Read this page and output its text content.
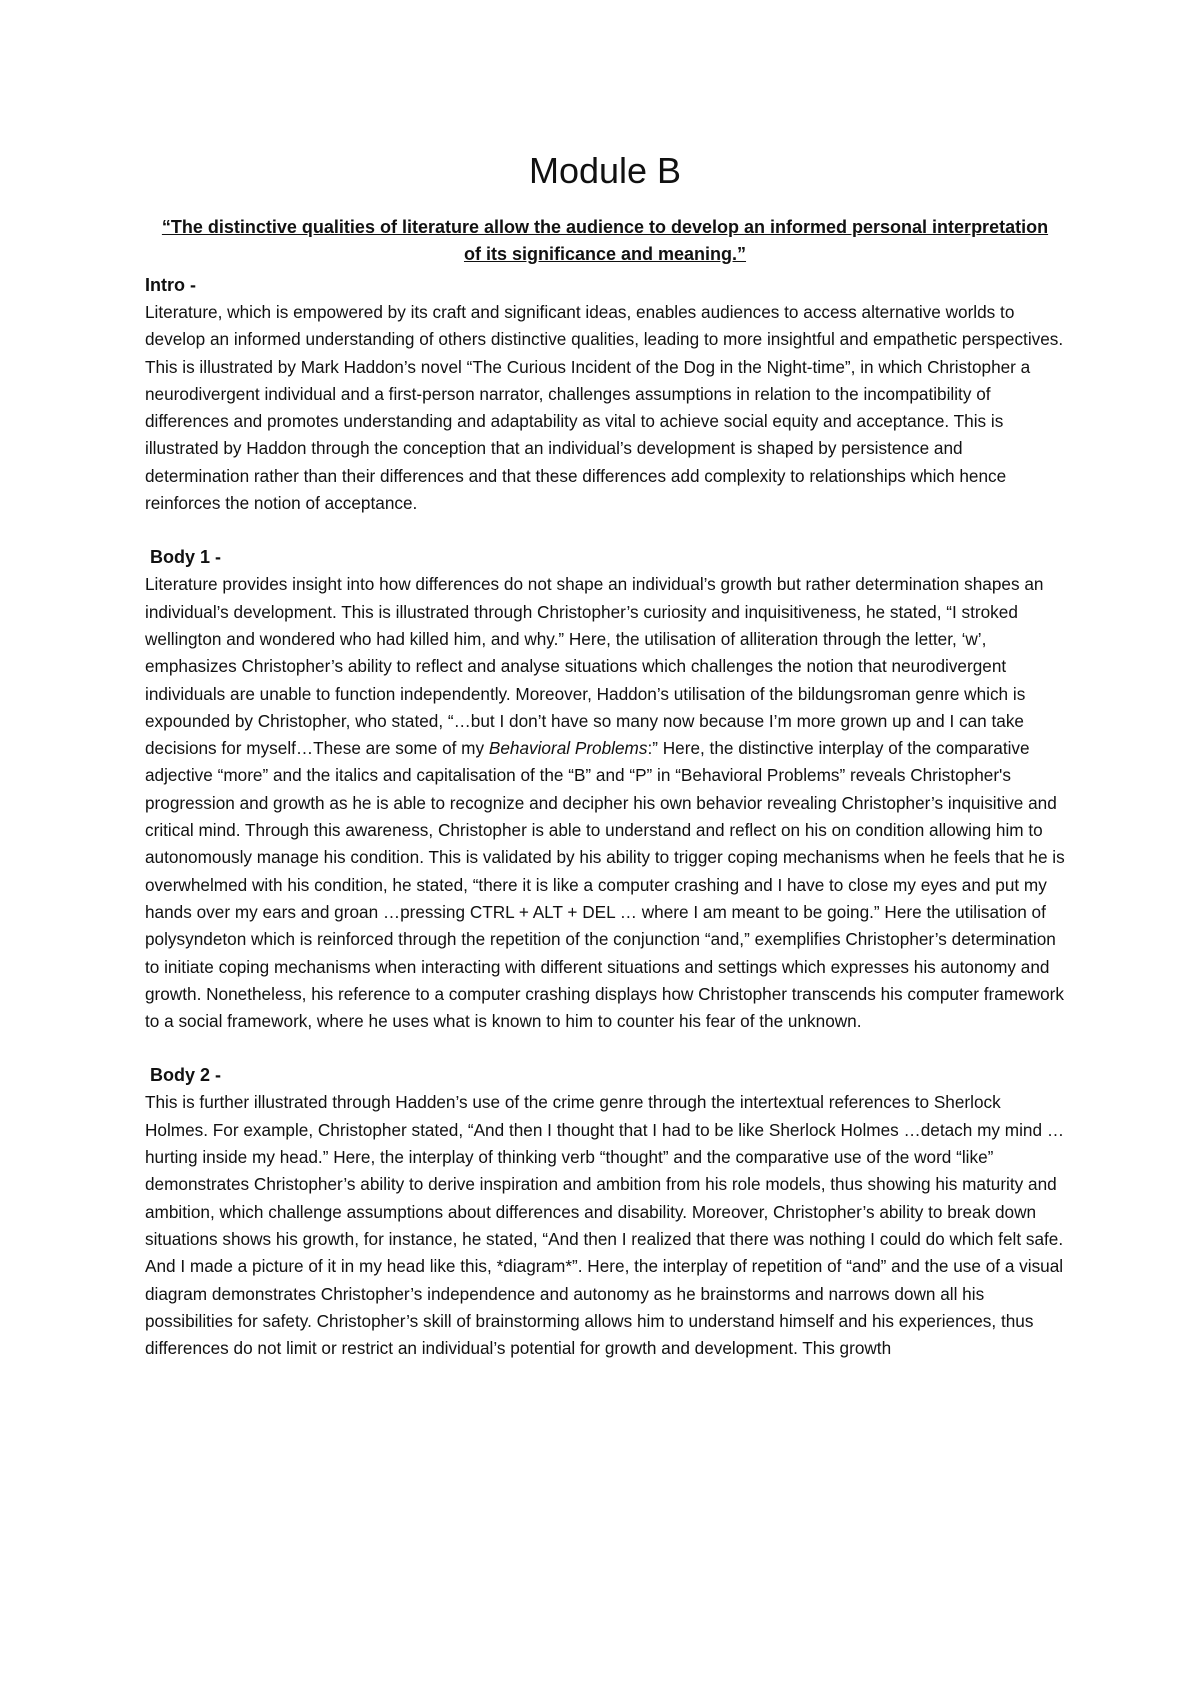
Module B

“The distinctive qualities of literature allow the audience to develop an informed personal interpretation of its significance and meaning.”

Intro -

Literature, which is empowered by its craft and significant ideas, enables audiences to access alternative worlds to develop an informed understanding of others distinctive qualities, leading to more insightful and empathetic perspectives. This is illustrated by Mark Haddon’s novel “The Curious Incident of the Dog in the Night-time”, in which Christopher a neurodivergent individual and a first-person narrator, challenges assumptions in relation to the incompatibility of differences and promotes understanding and adaptability as vital to achieve social equity and acceptance. This is illustrated by Haddon through the conception that an individual’s development is shaped by persistence and determination rather than their differences and that these differences add complexity to relationships which hence reinforces the notion of acceptance.

Body 1 -

Literature provides insight into how differences do not shape an individual’s growth but rather determination shapes an individual’s development. This is illustrated through Christopher’s curiosity and inquisitiveness, he stated, “I stroked wellington and wondered who had killed him, and why.” Here, the utilisation of alliteration through the letter, ‘w’, emphasizes Christopher’s ability to reflect and analyse situations which challenges the notion that neurodivergent individuals are unable to function independently. Moreover, Haddon’s utilisation of the bildungsroman genre which is expounded by Christopher, who stated, “…but I don’t have so many now because I’m more grown up and I can take decisions for myself…These are some of my Behavioral Problems:” Here, the distinctive interplay of the comparative adjective “more” and the italics and capitalisation of the “B” and “P” in “Behavioral Problems” reveals Christopher's progression and growth as he is able to recognize and decipher his own behavior revealing Christopher’s inquisitive and critical mind. Through this awareness, Christopher is able to understand and reflect on his on condition allowing him to autonomously manage his condition. This is validated by his ability to trigger coping mechanisms when he feels that he is overwhelmed with his condition, he stated, “there it is like a computer crashing and I have to close my eyes and put my hands over my ears and groan …pressing CTRL + ALT + DEL … where I am meant to be going.” Here the utilisation of polysyndeton which is reinforced through the repetition of the conjunction “and,” exemplifies Christopher’s determination to initiate coping mechanisms when interacting with different situations and settings which expresses his autonomy and growth. Nonetheless, his reference to a computer crashing displays how Christopher transcends his computer framework to a social framework, where he uses what is known to him to counter his fear of the unknown.

Body 2 -

This is further illustrated through Hadden’s use of the crime genre through the intertextual references to Sherlock Holmes. For example, Christopher stated, “And then I thought that I had to be like Sherlock Holmes …detach my mind … hurting inside my head.” Here, the interplay of thinking verb “thought” and the comparative use of the word “like” demonstrates Christopher’s ability to derive inspiration and ambition from his role models, thus showing his maturity and ambition, which challenge assumptions about differences and disability. Moreover, Christopher’s ability to break down situations shows his growth, for instance, he stated, “And then I realized that there was nothing I could do which felt safe. And I made a picture of it in my head like this, *diagram*”. Here, the interplay of repetition of “and” and the use of a visual diagram demonstrates Christopher’s independence and autonomy as he brainstorms and narrows down all his possibilities for safety. Christopher’s skill of brainstorming allows him to understand himself and his experiences, thus differences do not limit or restrict an individual’s potential for growth and development. This growth
